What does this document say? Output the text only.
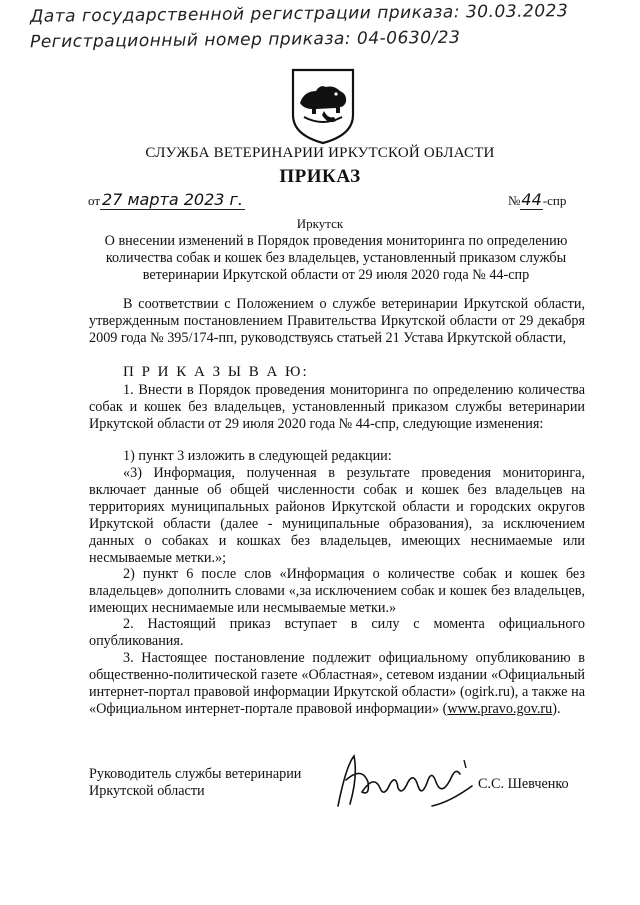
Дата государственной регистрации приказа: 30.03.2023
Регистрационный номер приказа: 04-0630/23
СЛУЖБА ВЕТЕРИНАРИИ ИРКУТСКОЙ ОБЛАСТИ
ПРИКАЗ
от 27 марта 2023 г.	№44-спр
Иркутск
О внесении изменений в Порядок проведения мониторинга по определению количества собак и кошек без владельцев, установленный приказом службы ветеринарии Иркутской области от 29 июля 2020 года № 44-спр

В соответствии с Положением о службе ветеринарии Иркутской области, утвержденным постановлением Правительства Иркутской области от 29 декабря 2009 года № 395/174-пп, руководствуясь статьей 21 Устава Иркутской области,

П Р И К А З Ы В А Ю:

1. Внести в Порядок проведения мониторинга по определению количества собак и кошек без владельцев, установленный приказом службы ветеринарии Иркутской области от 29 июля 2020 года № 44-спр, следующие изменения:

1) пункт 3 изложить в следующей редакции:

«3) Информация, полученная в результате проведения мониторинга, включает данные об общей численности собак и кошек без владельцев на территориях муниципальных районов Иркутской области и городских округов Иркутской области (далее - муниципальные образования), за исключением данных о собаках и кошках без владельцев, имеющих неснимаемые или несмываемые метки.»;

2) пункт 6 после слов «Информация о количестве собак и кошек без владельцев» дополнить словами «,за исключением собак и кошек без владельцев, имеющих неснимаемые или несмываемые метки.»

2. Настоящий приказ вступает в силу с момента официального опубликования.

3. Настоящее постановление подлежит официальному опубликованию в общественно-политической газете «Областная», сетевом издании «Официальный интернет-портал правовой информации Иркутской области» (ogirk.ru), а также на «Официальном интернет-портале правовой информации» (www.pravo.gov.ru).

Руководитель службы ветеринарии
Иркутской области	С.С. Шевченко
